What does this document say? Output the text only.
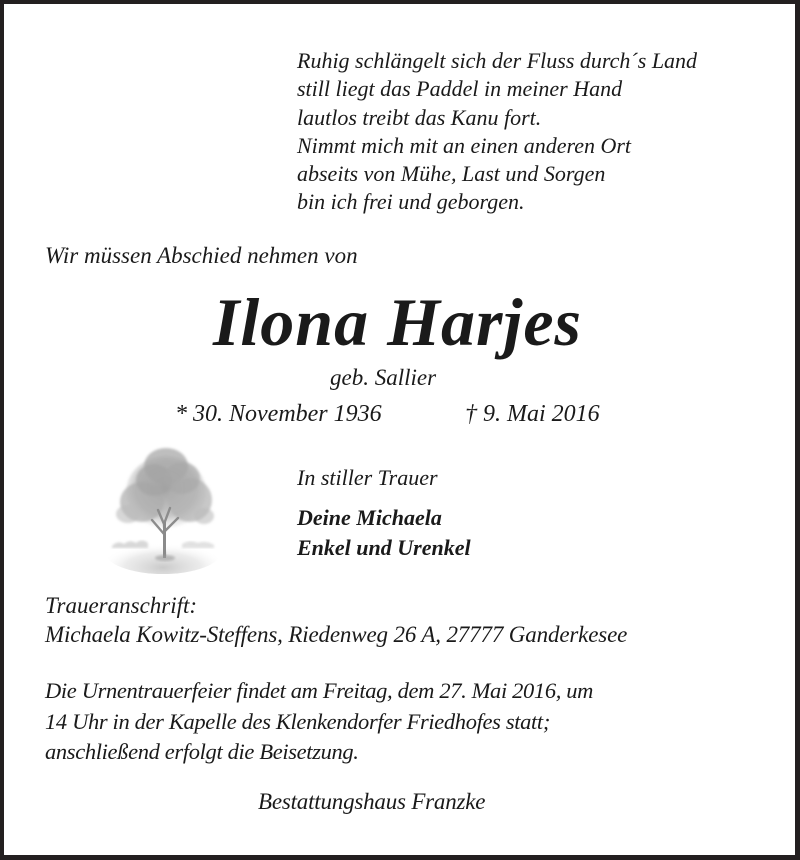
Ruhig schlängelt sich der Fluss durch´s Land
still liegt das Paddel in meiner Hand
lautlos treibt das Kanu fort.
Nimmt mich mit an einen anderen Ort
abseits von Mühe, Last und Sorgen
bin ich frei und geborgen.
Wir müssen Abschied nehmen von
Ilona Harjes
geb. Sallier
* 30. November 1936	† 9. Mai 2016
In stiller Trauer
Deine Michaela
Enkel und Urenkel
Traueranschrift:
Michaela Kowitz-Steffens, Riedenweg 26 A, 27777 Ganderkesee
Die Urnentrauerfeier findet am Freitag, dem 27. Mai 2016, um
14 Uhr in der Kapelle des Klenkendorfer Friedhofes statt;
anschließend erfolgt die Beisetzung.
Bestattungshaus Franzke
